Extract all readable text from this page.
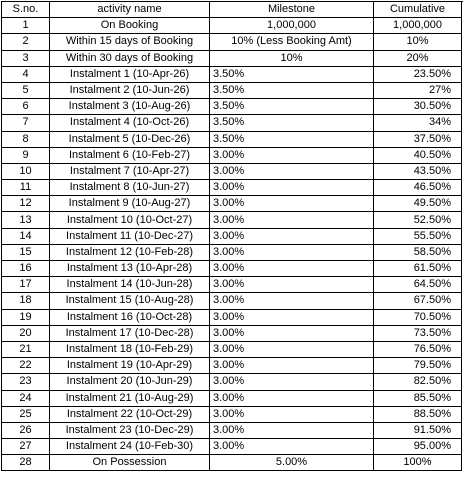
S.no.	activity name	Milestone	Cumulative
1	On Booking	1,000,000	1,000,000
2	Within 15 days of Booking	10% (Less Booking Amt)	10%
3	Within 30 days of Booking	10%	20%
4	Instalment 1 (10-Apr-26)	3.50%	23.50%
5	Instalment 2 (10-Jun-26)	3.50%	27%
6	Instalment 3 (10-Aug-26)	3.50%	30.50%
7	Instalment 4 (10-Oct-26)	3.50%	34%
8	Instalment 5 (10-Dec-26)	3.50%	37.50%
9	Instalment 6 (10-Feb-27)	3.00%	40.50%
10	Instalment 7 (10-Apr-27)	3.00%	43.50%
11	Instalment 8 (10-Jun-27)	3.00%	46.50%
12	Instalment 9 (10-Aug-27)	3.00%	49.50%
13	Instalment 10 (10-Oct-27)	3.00%	52.50%
14	Instalment 11 (10-Dec-27)	3.00%	55.50%
15	Instalment 12 (10-Feb-28)	3.00%	58.50%
16	Instalment 13 (10-Apr-28)	3.00%	61.50%
17	Instalment 14 (10-Jun-28)	3.00%	64.50%
18	Instalment 15 (10-Aug-28)	3.00%	67.50%
19	Instalment 16 (10-Oct-28)	3.00%	70.50%
20	Instalment 17 (10-Dec-28)	3.00%	73.50%
21	Instalment 18 (10-Feb-29)	3.00%	76.50%
22	Instalment 19 (10-Apr-29)	3.00%	79.50%
23	Instalment 20 (10-Jun-29)	3.00%	82.50%
24	Instalment 21 (10-Aug-29)	3.00%	85.50%
25	Instalment 22 (10-Oct-29)	3.00%	88.50%
26	Instalment 23 (10-Dec-29)	3.00%	91.50%
27	Instalment 24 (10-Feb-30)	3.00%	95.00%
28	On Possession	5.00%	100%
